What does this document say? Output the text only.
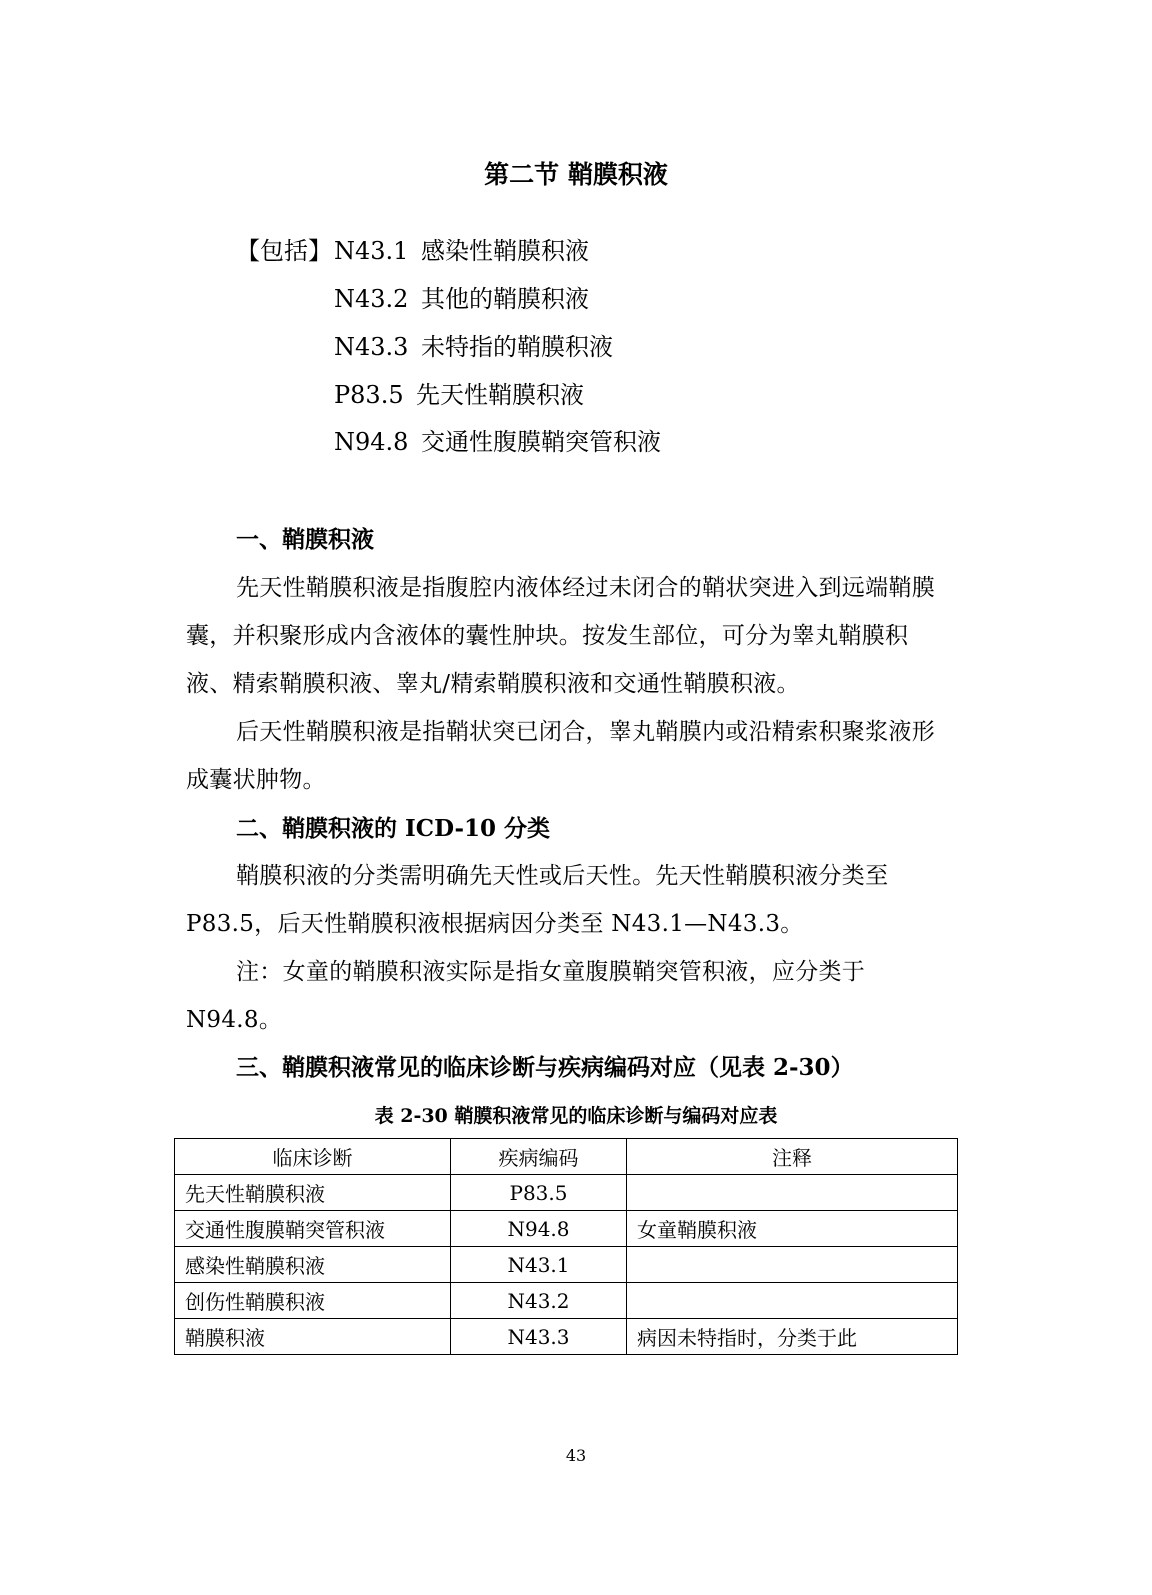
第二节 鞘膜积液
【包括】 N43.1 感染性鞘膜积液
N43.2 其他的鞘膜积液
N43.3 未特指的鞘膜积液
P83.5 先天性鞘膜积液
N94.8 交通性腹膜鞘突管积液
一、鞘膜积液

先天性鞘膜积液是指腹腔内液体经过未闭合的鞘状突进入到远端鞘膜囊，并积聚形成内含液体的囊性肿块。按发生部位，可分为睾丸鞘膜积液、精索鞘膜积液、睾丸/精索鞘膜积液和交通性鞘膜积液。

后天性鞘膜积液是指鞘状突已闭合，睾丸鞘膜内或沿精索积聚浆液形成囊状肿物。

二、鞘膜积液的 ICD-10 分类

鞘膜积液的分类需明确先天性或后天性。先天性鞘膜积液分类至P83.5，后天性鞘膜积液根据病因分类至 N43.1—N43.3。

注：女童的鞘膜积液实际是指女童腹膜鞘突管积液，应分类于N94.8。

三、鞘膜积液常见的临床诊断与疾病编码对应（见表 2-30）
表 2-30 鞘膜积液常见的临床诊断与编码对应表
临床诊断	疾病编码	注释
先天性鞘膜积液	P83.5	
交通性腹膜鞘突管积液	N94.8	女童鞘膜积液
感染性鞘膜积液	N43.1	
创伤性鞘膜积液	N43.2	
鞘膜积液	N43.3	病因未特指时，分类于此
43
